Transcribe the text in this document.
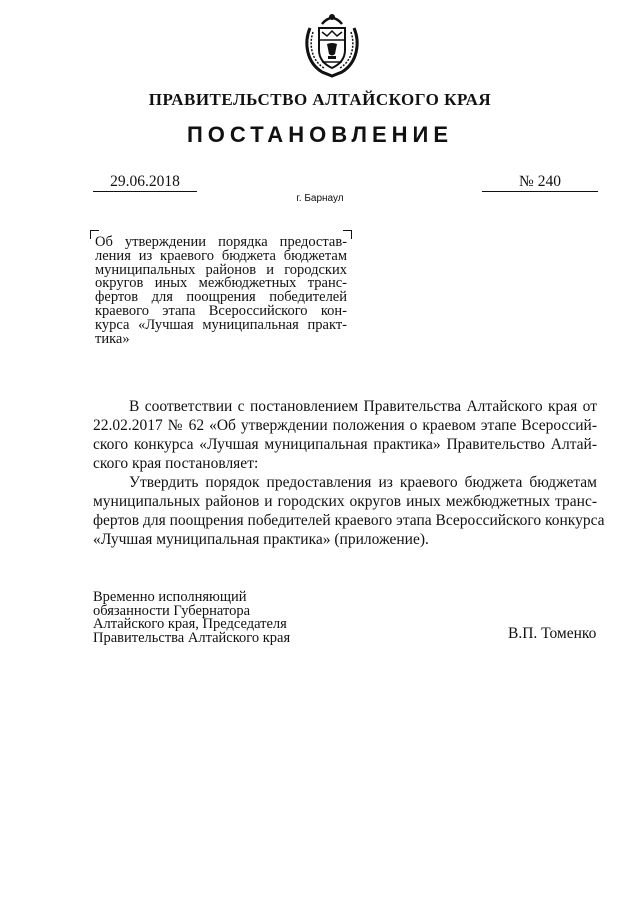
ПРАВИТЕЛЬСТВО АЛТАЙСКОГО КРАЯ
ПОСТАНОВЛЕНИЕ
29.06.2018	№ 240
г. Барнаул
Об утверждении порядка предостав-
ления из краевого бюджета бюджетам
муниципальных районов и городских
округов иных межбюджетных транс-
фертов для поощрения победителей
краевого этапа Всероссийского кон-
курса «Лучшая муниципальная практ-
тика»
В соответствии с постановлением Правительства Алтайского края от
22.02.2017 № 62 «Об утверждении положения о краевом этапе Всероссий-
ского конкурса «Лучшая муниципальная практика» Правительство Алтай-
ского края постановляет:
Утвердить порядок предоставления из краевого бюджета бюджетам
муниципальных районов и городских округов иных межбюджетных транс-
фертов для поощрения победителей краевого этапа Всероссийского конкурса
«Лучшая муниципальная практика» (приложение).
Временно исполняющий
обязанности Губернатора
Алтайского края, Председателя
Правительства Алтайского края	В.П. Томенко
